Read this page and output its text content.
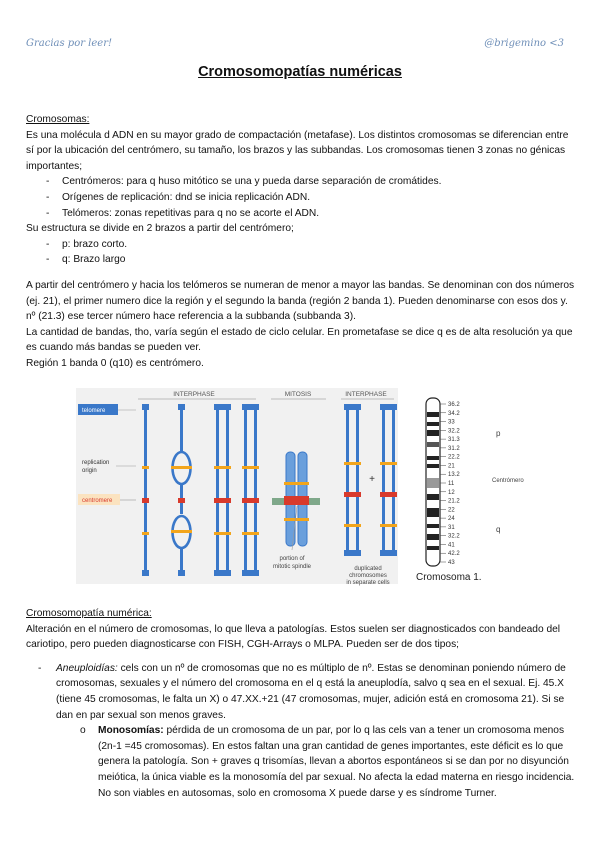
Gracias por leer!	@brigemino <3
Cromosomopatías numéricas

Cromosomas:

Es una molécula d ADN en su mayor grado de compactación (metafase). Los distintos cromosomas se diferencian entre sí por la ubicación del centrómero, su tamaño, los brazos y las subbandas. Los cromosomas tienen 3 zonas no génicas importantes;

- Centrómeros: para q huso mitótico se una y pueda darse separación de cromátides.
- Orígenes de replicación: dnd se inicia replicación ADN.
- Telómeros: zonas repetitivas para q no se acorte el ADN.

Su estructura se divide en 2 brazos a partir del centrómero;

- p: brazo corto.
- q: Brazo largo

A partir del centrómero y hacia los telómeros se numeran de menor a mayor las bandas. Se denominan con dos números (ej. 21), el primer numero dice la región y el segundo la banda (región 2 banda 1). Pueden denominarse con esos dos y. nº (21.3) ese tercer número hace referencia a la subbanda (subbanda 3).

La cantidad de bandas, tho, varía según el estado de ciclo celular. En prometafase se dice q es de alta resolución ya que es cuando más bandas se pueden ver.

Región 1 banda 0 (q10) es centrómero.

INTERPHASE	MITOSIS	INTERPHASE
telomere
replication
origin
centromere
portion of
mitotic spindle
+
duplicated
chromosomes
in separate cells
36.2
34.2
33
32.2
31.3
31.2
22.2
21
13.2
11
12
21.2
22
24
31
32.2
41
42.2
43
p
Centrómero
q
Cromosoma 1.

Cromosomopatía numérica:

Alteración en el número de cromosomas, lo que lleva a patologías. Estos suelen ser diagnosticados con bandeado del cariotipo, pero pueden diagnosticarse con FISH, CGH-Arrays o MLPA. Pueden ser de dos tipos;

- Aneuploidías: cels con un nº de cromosomas que no es múltiplo de nº. Estas se denominan poniendo número de cromosomas, sexuales y el número del cromosoma en el q está la aneuplodía, salvo q sea en el sexual. Ej. 45.X (tiene 45 cromosomas, le falta un X) o 47.XX.+21 (47 cromosomas, mujer, adición está en cromosoma 21). Si se dan en par sexual son menos graves.

o Monosomías: pérdida de un cromosoma de un par, por lo q las cels van a tener un cromosoma menos (2n-1 =45 cromosomas). En estos faltan una gran cantidad de genes importantes, este déficit es lo que genera la patología. Son + graves q trisomías, llevan a abortos espontáneos si se dan por no disyunción meiótica, la única viable es la monosomía del par sexual. No afecta la edad materna en riesgo incidencia.

No son viables en autosomas, solo en cromosoma X puede darse y es síndrome Turner.
